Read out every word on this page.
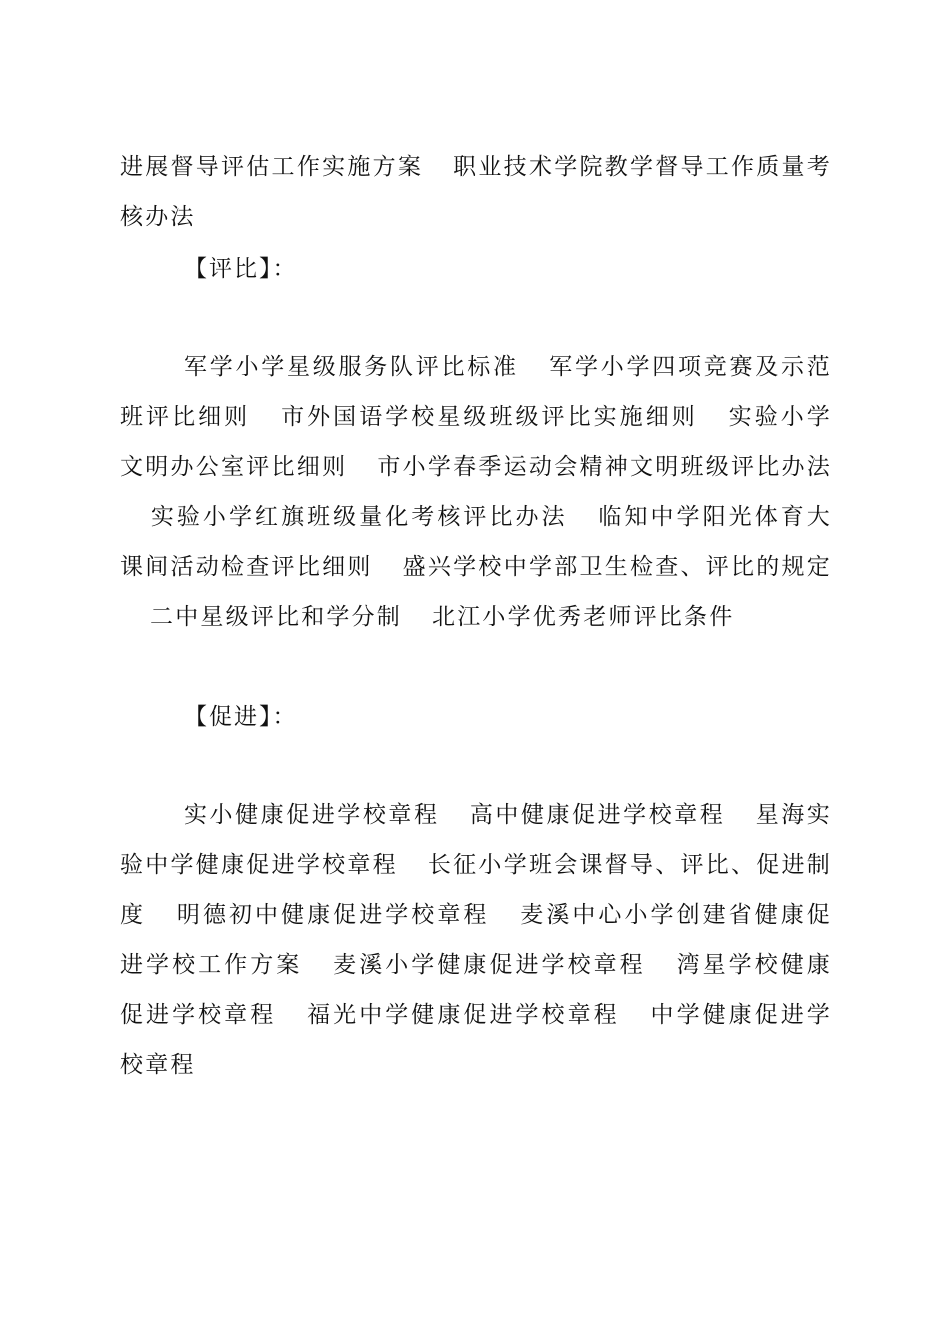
进展督导评估工作实施方案 职业技术学院教学督导工作质量考核办法

【评比】：

军学小学星级服务队评比标准 军学小学四项竞赛及示范班评比细则 市外国语学校星级班级评比实施细则 实验小学文明办公室评比细则 市小学春季运动会精神文明班级评比办法实验小学红旗班级量化考核评比办法 临知中学阳光体育大课间活动检查评比细则 盛兴学校中学部卫生检查、评比的规定二中星级评比和学分制 北江小学优秀老师评比条件

【促进】：

实小健康促进学校章程 高中健康促进学校章程 星海实验中学健康促进学校章程 长征小学班会课督导、评比、促进制度 明德初中健康促进学校章程 麦溪中心小学创建省健康促进学校工作方案 麦溪小学健康促进学校章程 湾星学校健康促进学校章程 福光中学健康促进学校章程 中学健康促进学校章程
